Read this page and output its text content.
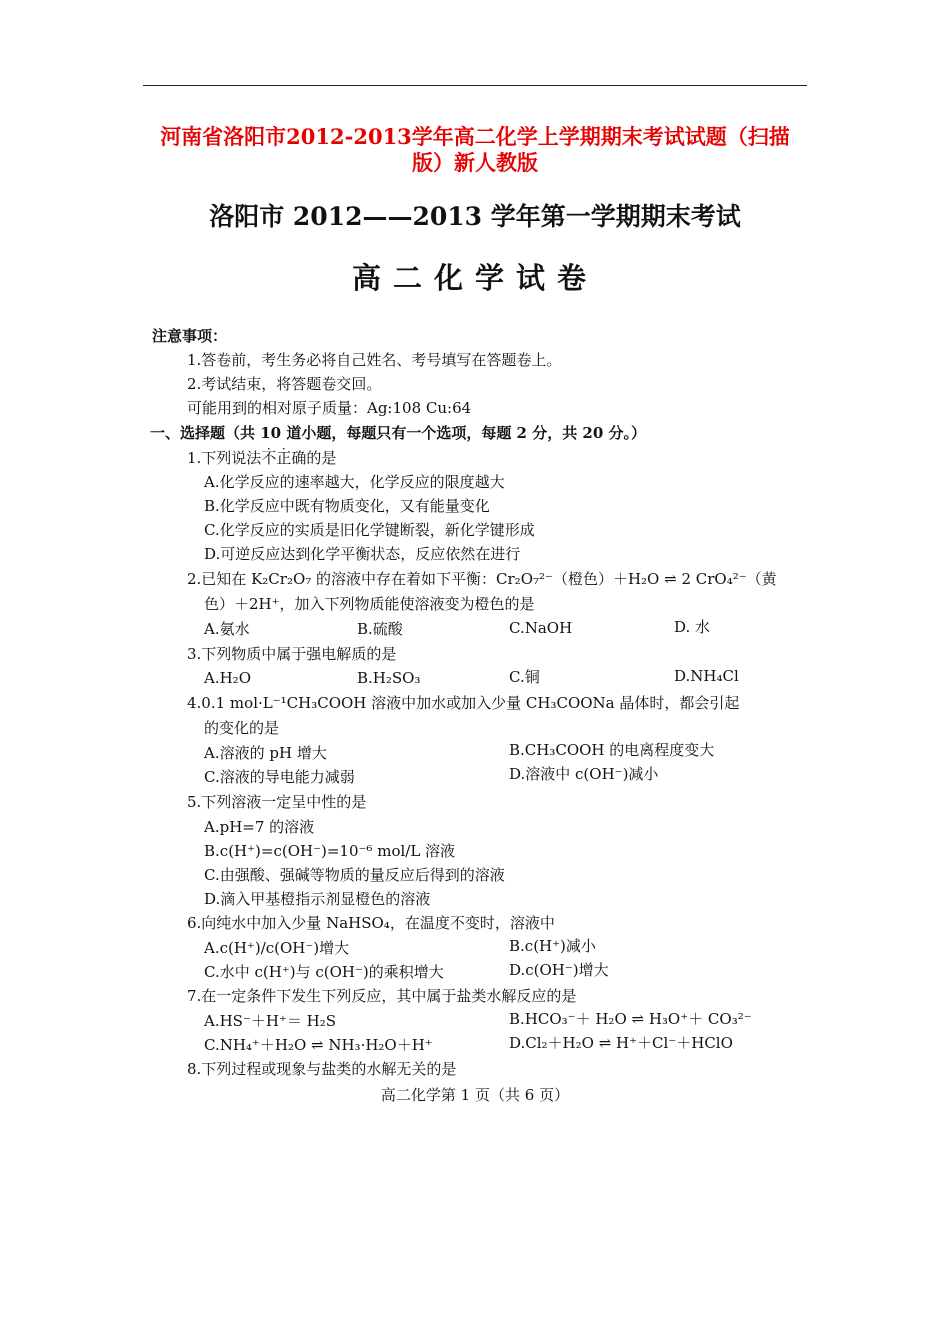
河南省洛阳市2012-2013学年高二化学上学期期末考试试题（扫描
版）新人教版
洛阳市 2012——2013 学年第一学期期末考试
高二化学试卷
注意事项：
1.答卷前，考生务必将自己姓名、考号填写在答题卷上。
2.考试结束，将答题卷交回。
可能用到的相对原子质量：Ag:108 Cu:64
一、选择题（共 10 道小题，每题只有一个选项，每题 2 分，共 20 分。）
1.下列说法不正确的是
A.化学反应的速率越大，化学反应的限度越大
B.化学反应中既有物质变化，又有能量变化
C.化学反应的实质是旧化学键断裂，新化学键形成
D.可逆反应达到化学平衡状态，反应依然在进行
2.已知在 K₂Cr₂O₇ 的溶液中存在着如下平衡：Cr₂O₇²⁻（橙色）＋H₂O ⇌ 2 CrO₄²⁻（黄
色）＋2H⁺，加入下列物质能使溶液变为橙色的是
A.氨水	B.硫酸	C.NaOH	D. 水
3.下列物质中属于强电解质的是
A.H₂O	B.H₂SO₃	C.铜	D.NH₄Cl
4.0.1 mol·L⁻¹CH₃COOH 溶液中加水或加入少量 CH₃COONa 晶体时，都会引起
的变化的是
A.溶液的 pH 增大	B.CH₃COOH 的电离程度变大
C.溶液的导电能力减弱	D.溶液中 c(OH⁻)减小
5.下列溶液一定呈中性的是
A.pH=7 的溶液
B.c(H⁺)=c(OH⁻)=10⁻⁶ mol/L 溶液
C.由强酸、强碱等物质的量反应后得到的溶液
D.滴入甲基橙指示剂显橙色的溶液
6.向纯水中加入少量 NaHSO₄，在温度不变时，溶液中
A.c(H⁺)/c(OH⁻)增大	B.c(H⁺)减小
C.水中 c(H⁺)与 c(OH⁻)的乘积增大	D.c(OH⁻)增大
7.在一定条件下发生下列反应，其中属于盐类水解反应的是
A.HS⁻＋H⁺＝ H₂S	B.HCO₃⁻＋ H₂O ⇌ H₃O⁺＋ CO₃²⁻
C.NH₄⁺＋H₂O ⇌ NH₃·H₂O＋H⁺	D.Cl₂＋H₂O ⇌ H⁺＋Cl⁻＋HClO
8.下列过程或现象与盐类的水解无关的是
高二化学第 1 页（共 6 页）
